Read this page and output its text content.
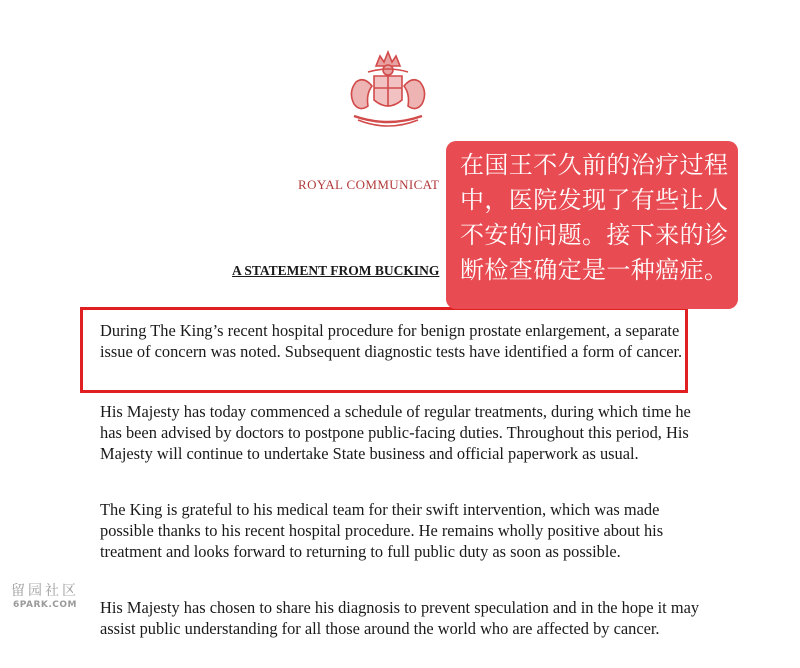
ROYAL COMMUNICAT
A STATEMENT FROM BUCKING

During The King’s recent hospital procedure for benign prostate enlargement, a separate issue of concern was noted. Subsequent diagnostic tests have identified a form of cancer.

His Majesty has today commenced a schedule of regular treatments, during which time he has been advised by doctors to postpone public-facing duties. Throughout this period, His Majesty will continue to undertake State business and official paperwork as usual.

The King is grateful to his medical team for their swift intervention, which was made possible thanks to his recent hospital procedure. He remains wholly positive about his treatment and looks forward to returning to full public duty as soon as possible.

His Majesty has chosen to share his diagnosis to prevent speculation and in the hope it may assist public understanding for all those around the world who are affected by cancer.

在国王不久前的治疗过程中，医院发现了有些让人不安的问题。接下来的诊断检查确定是一种癌症。
留园社区
6PARK.COM
